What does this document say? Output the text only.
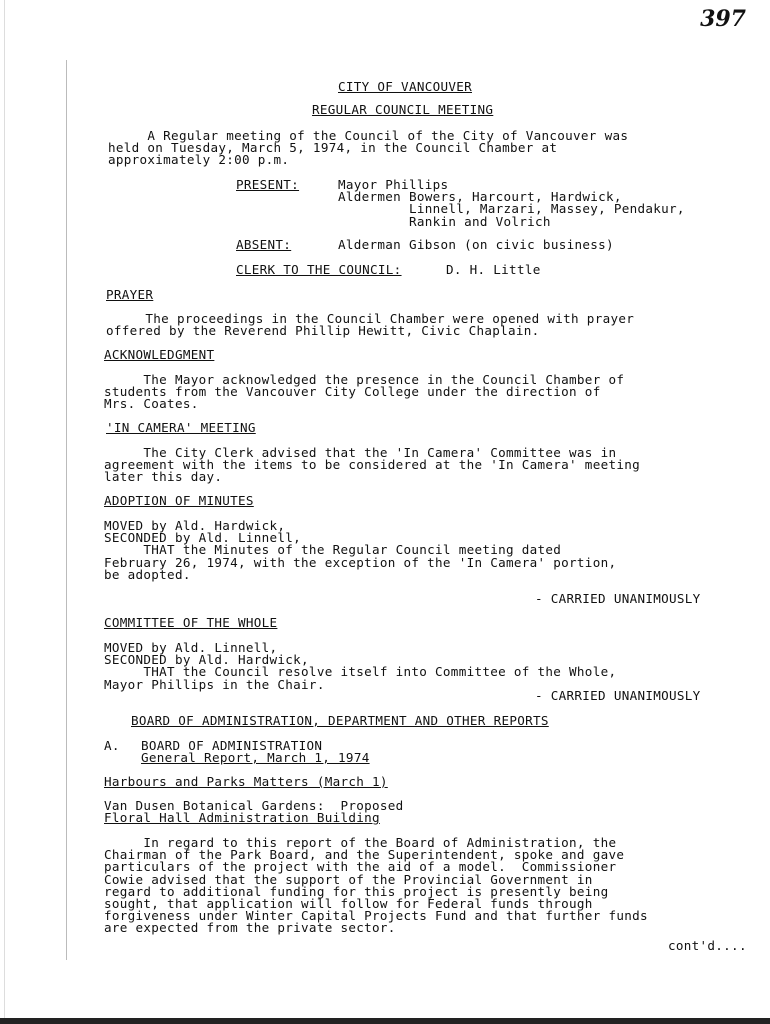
397
CITY OF VANCOUVER
REGULAR COUNCIL MEETING
A Regular meeting of the Council of the City of Vancouver was
held on Tuesday, March 5, 1974, in the Council Chamber at
approximately 2:00 p.m.
PRESENT:	Mayor Phillips
Aldermen Bowers, Harcourt, Hardwick,
Linnell, Marzari, Massey, Pendakur,
Rankin and Volrich
ABSENT:	Alderman Gibson (on civic business)
CLERK TO THE COUNCIL:	D. H. Little
PRAYER
The proceedings in the Council Chamber were opened with prayer
offered by the Reverend Phillip Hewitt, Civic Chaplain.
ACKNOWLEDGMENT
The Mayor acknowledged the presence in the Council Chamber of
students from the Vancouver City College under the direction of
Mrs. Coates.
'IN CAMERA' MEETING
The City Clerk advised that the 'In Camera' Committee was in
agreement with the items to be considered at the 'In Camera' meeting
later this day.
ADOPTION OF MINUTES
MOVED by Ald. Hardwick,
SECONDED by Ald. Linnell,
THAT the Minutes of the Regular Council meeting dated
February 26, 1974, with the exception of the 'In Camera' portion,
be adopted.
- CARRIED UNANIMOUSLY
COMMITTEE OF THE WHOLE
MOVED by Ald. Linnell,
SECONDED by Ald. Hardwick,
THAT the Council resolve itself into Committee of the Whole,
Mayor Phillips in the Chair.
- CARRIED UNANIMOUSLY
BOARD OF ADMINISTRATION, DEPARTMENT AND OTHER REPORTS
A. BOARD OF ADMINISTRATION
General Report, March 1, 1974
Harbours and Parks Matters (March 1)
Van Dusen Botanical Gardens:  Proposed
Floral Hall Administration Building
In regard to this report of the Board of Administration, the
Chairman of the Park Board, and the Superintendent, spoke and gave
particulars of the project with the aid of a model.  Commissioner
Cowie advised that the support of the Provincial Government in
regard to additional funding for this project is presently being
sought, that application will follow for Federal funds through
forgiveness under Winter Capital Projects Fund and that further funds
are expected from the private sector.
cont'd....
